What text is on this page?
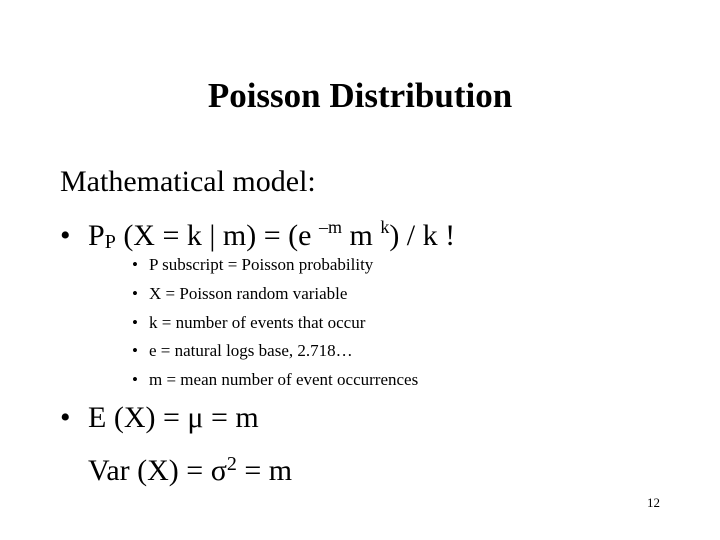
Poisson Distribution
Mathematical model:
• PP (X = k | m) = (e $^{-m}$ m $^k$) / k !
• P subscript = Poisson probability
• X = Poisson random variable
• k = number of events that occur
• e = natural logs base, 2.718…
• m = mean number of event occurrences
• E (X) = μ = m
Var $(X) = \sigma^2 = m$
12
